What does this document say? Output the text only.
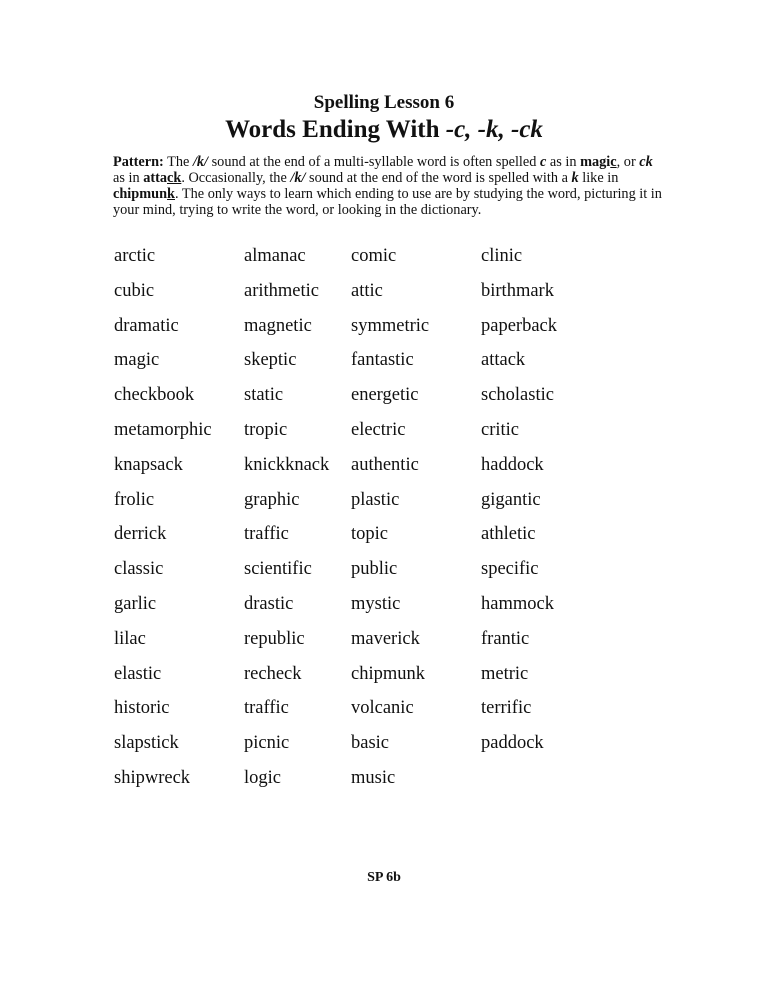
Spelling Lesson 6
Words Ending With -c, -k, -ck
Pattern: The /k/ sound at the end of a multi-syllable word is often spelled c as in magic, or ck as in attack. Occasionally, the /k/ sound at the end of the word is spelled with a k like in chipmunk. The only ways to learn which ending to use are by studying the word, picturing it in your mind, trying to write the word, or looking in the dictionary.
arctic	almanac	comic	clinic
cubic	arithmetic	attic	birthmark
dramatic	magnetic	symmetric	paperback
magic	skeptic	fantastic	attack
checkbook	static	energetic	scholastic
metamorphic	tropic	electric	critic
knapsack	knickknack	authentic	haddock
frolic	graphic	plastic	gigantic
derrick	traffic	topic	athletic
classic	scientific	public	specific
garlic	drastic	mystic	hammock
lilac	republic	maverick	frantic
elastic	recheck	chipmunk	metric
historic	traffic	volcanic	terrific
slapstick	picnic	basic	paddock
shipwreck	logic	music
SP 6b
